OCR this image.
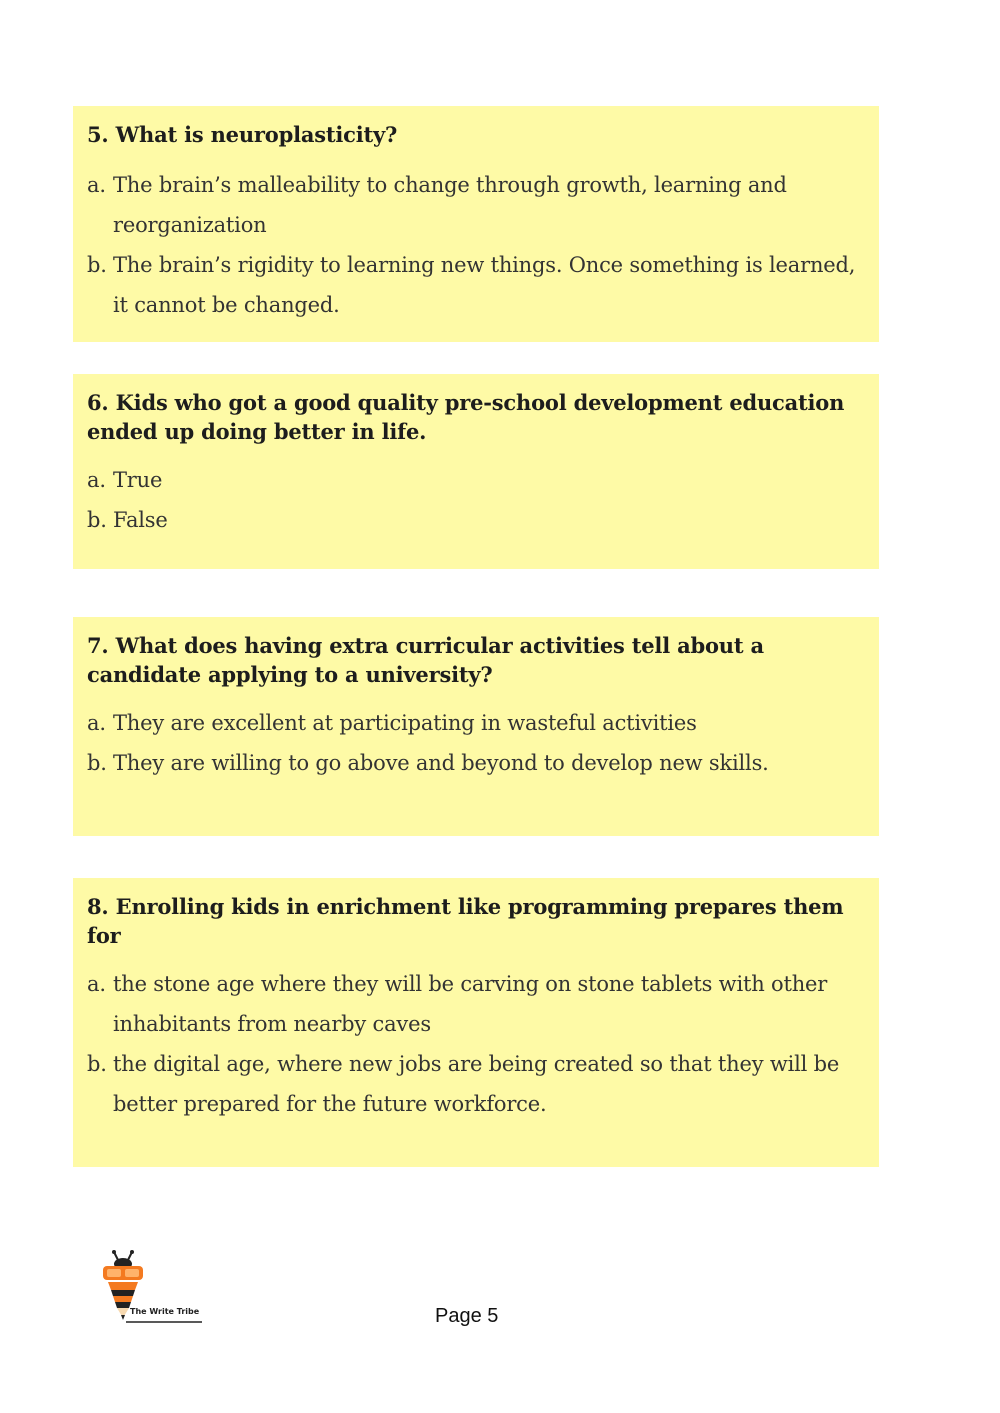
5. What is neuroplasticity?

a. The brain’s malleability to change through growth, learning and reorganization
b. The brain’s rigidity to learning new things. Once something is learned, it cannot be changed.

6. Kids who got a good quality pre-school development education ended up doing better in life.

a. True
b. False

7. What does having extra curricular activities tell about a candidate applying to a university?

a. They are excellent at participating in wasteful activities
b. They are willing to go above and beyond to develop new skills.

8. Enrolling kids in enrichment like programming prepares them for

a. the stone age where they will be carving on stone tablets with other inhabitants from nearby caves
b. the digital age, where new jobs are being created so that they will be better prepared for the future workforce.
The Write Tribe	Page 5
